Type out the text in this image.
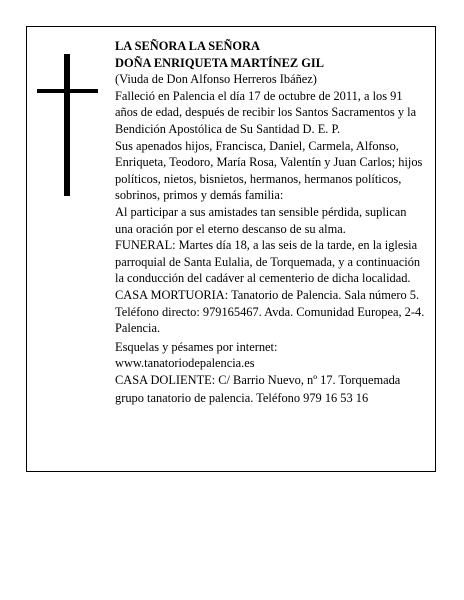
LA SEÑORA LA SEÑORA

DOÑA ENRIQUETA MARTÍNEZ GIL

(Viuda de Don Alfonso Herreros Ibáñez)

Falleció en Palencia el día 17 de octubre de 2011, a los 91 años de edad, después de recibir los Santos Sacramentos y la Bendición Apostólica de Su Santidad D. E. P.

Sus apenados hijos, Francisca, Daniel, Carmela, Alfonso, Enriqueta, Teodoro, María Rosa, Valentín y Juan Carlos; hijos políticos, nietos, bisnietos, hermanos, hermanos políticos, sobrinos, primos y demás familia:

Al participar a sus amistades tan sensible pérdida, suplican una oración por el eterno descanso de su alma.

FUNERAL: Martes día 18, a las seis de la tarde, en la iglesia parroquial de Santa Eulalia, de Torquemada, y a continuación la conducción del cadáver al cementerio de dicha localidad.

CASA MORTUORIA: Tanatorio de Palencia. Sala número 5. Teléfono directo: 979165467. Avda. Comunidad Europea, 2-4. Palencia.

Esquelas y pésames por internet:

www.tanatoriodepalencia.es

CASA DOLIENTE: C/ Barrio Nuevo, nº 17. Torquemada

grupo tanatorio de palencia. Teléfono 979 16 53 16
